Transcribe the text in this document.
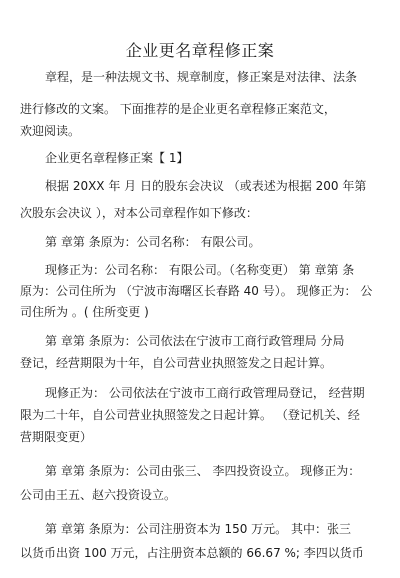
企业更名章程修正案
章程，是一种法规文书、规章制度，修正案是对法律、法条
进行修改的文案。 下面推荐的是企业更名章程修正案范文，
欢迎阅读。
企业更名章程修正案【 1】
根据 20XX 年 月 日的股东会决议 （或表述为根据 200 年第
次股东会决议 ），对本公司章程作如下修改：
第 章第 条原为：公司名称： 有限公司。
现修正为：公司名称： 有限公司。（名称变更） 第 章第 条
原为：公司住所为 （宁波市海曙区长春路 40 号）。 现修正为： 公
司住所为 。( 住所变更 )
第 章第 条原为：公司依法在宁波市工商行政管理局 分局
登记，经营期限为十年，自公司营业执照签发之日起计算。
现修正为： 公司依法在宁波市工商行政管理局登记， 经营期
限为二十年，自公司营业执照签发之日起计算。 （登记机关、经
营期限变更）
第 章第 条原为：公司由张三、 李四投资设立。 现修正为：
公司由王五、赵六投资设立。
第 章第 条原为：公司注册资本为 150 万元。 其中：张三
以货币出资 100 万元，占注册资本总额的 66.67 %; 李四以货币
